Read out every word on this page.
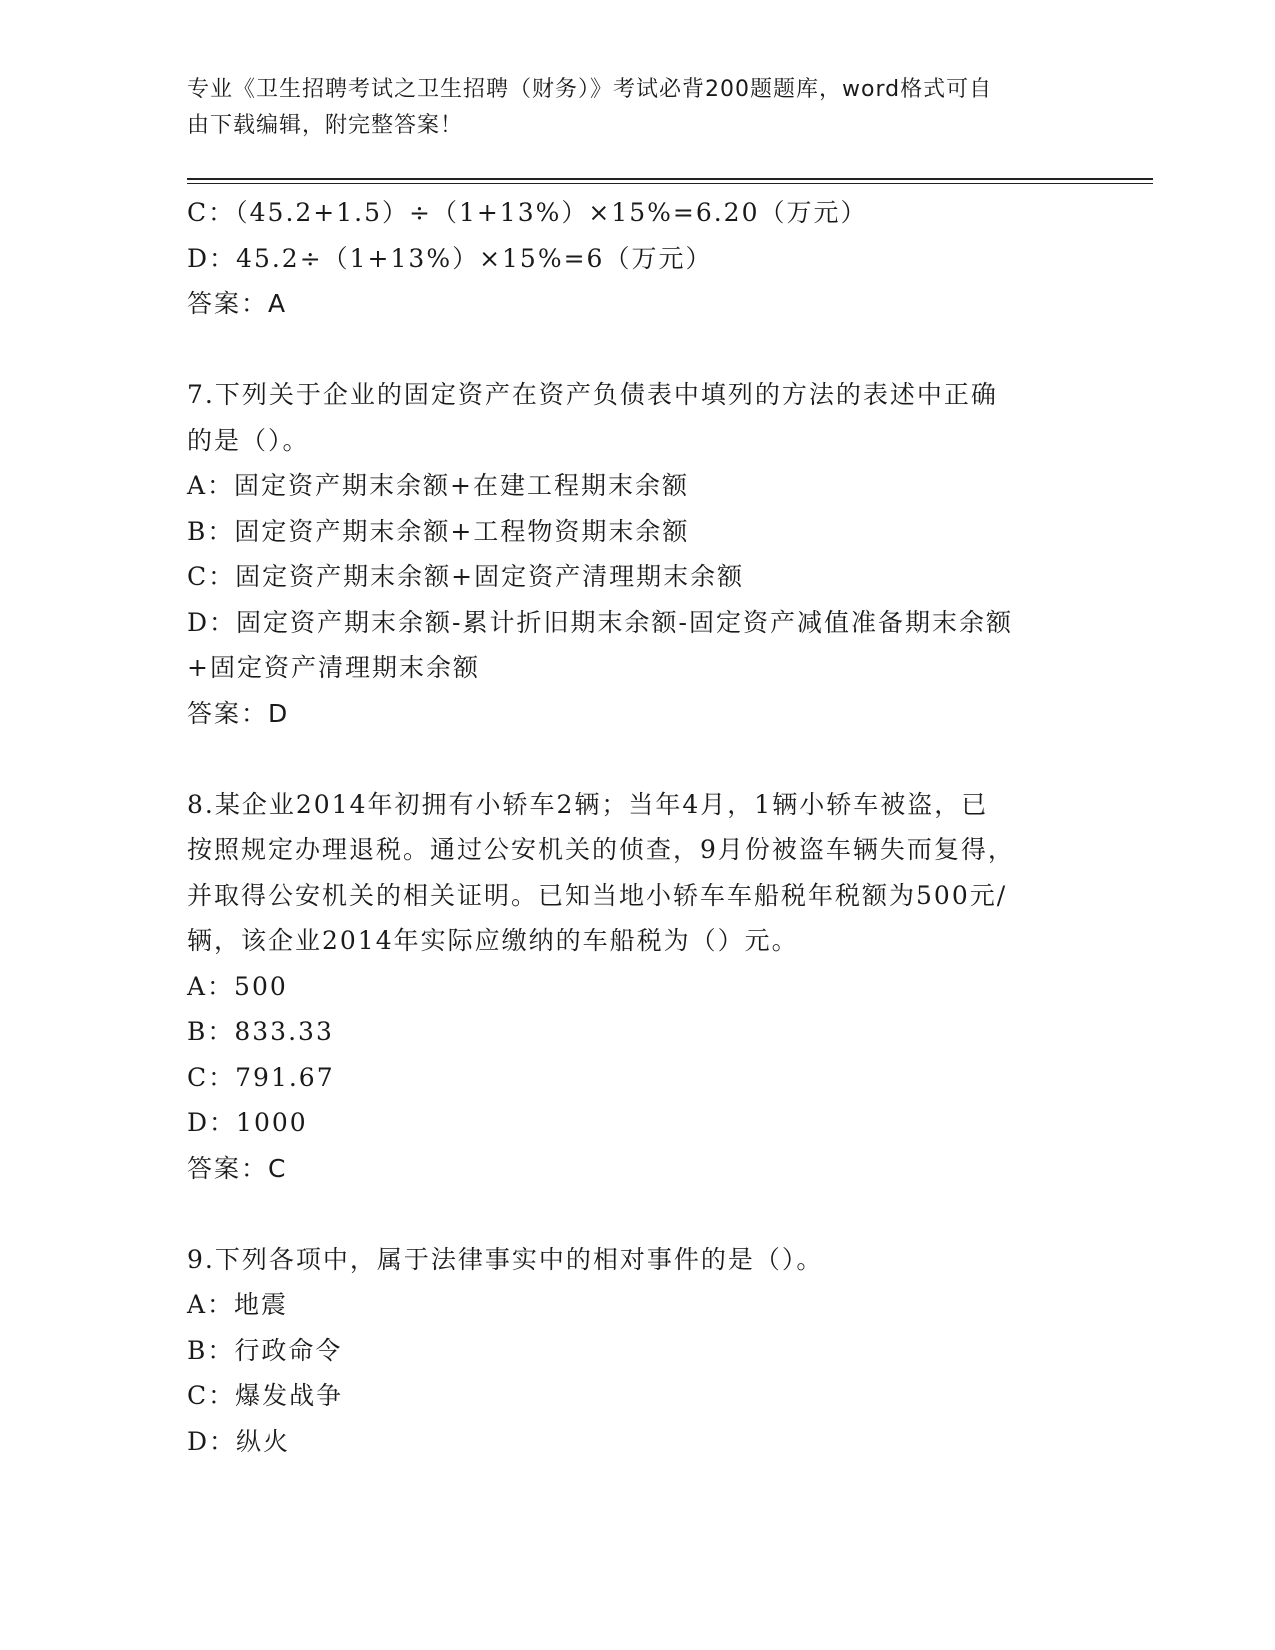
专业《卫生招聘考试之卫生招聘（财务）》考试必背200题题库，word格式可自
由下载编辑，附完整答案！
C：（45.2+1.5）÷（1+13%）×15%=6.20（万元）
D：45.2÷（1+13%）×15%=6（万元）
答案：A
7.下列关于企业的固定资产在资产负债表中填列的方法的表述中正确
的是（）。
A：固定资产期末余额+在建工程期末余额
B：固定资产期末余额+工程物资期末余额
C：固定资产期末余额+固定资产清理期末余额
D：固定资产期末余额-累计折旧期末余额-固定资产减值准备期末余额
+固定资产清理期末余额
答案：D
8.某企业2014年初拥有小轿车2辆；当年4月，1辆小轿车被盗，已
按照规定办理退税。通过公安机关的侦查，9月份被盗车辆失而复得，
并取得公安机关的相关证明。已知当地小轿车车船税年税额为500元/
辆，该企业2014年实际应缴纳的车船税为（）元。
A：500
B：833.33
C：791.67
D：1000
答案：C
9.下列各项中，属于法律事实中的相对事件的是（）。
A：地震
B：行政命令
C：爆发战争
D：纵火
